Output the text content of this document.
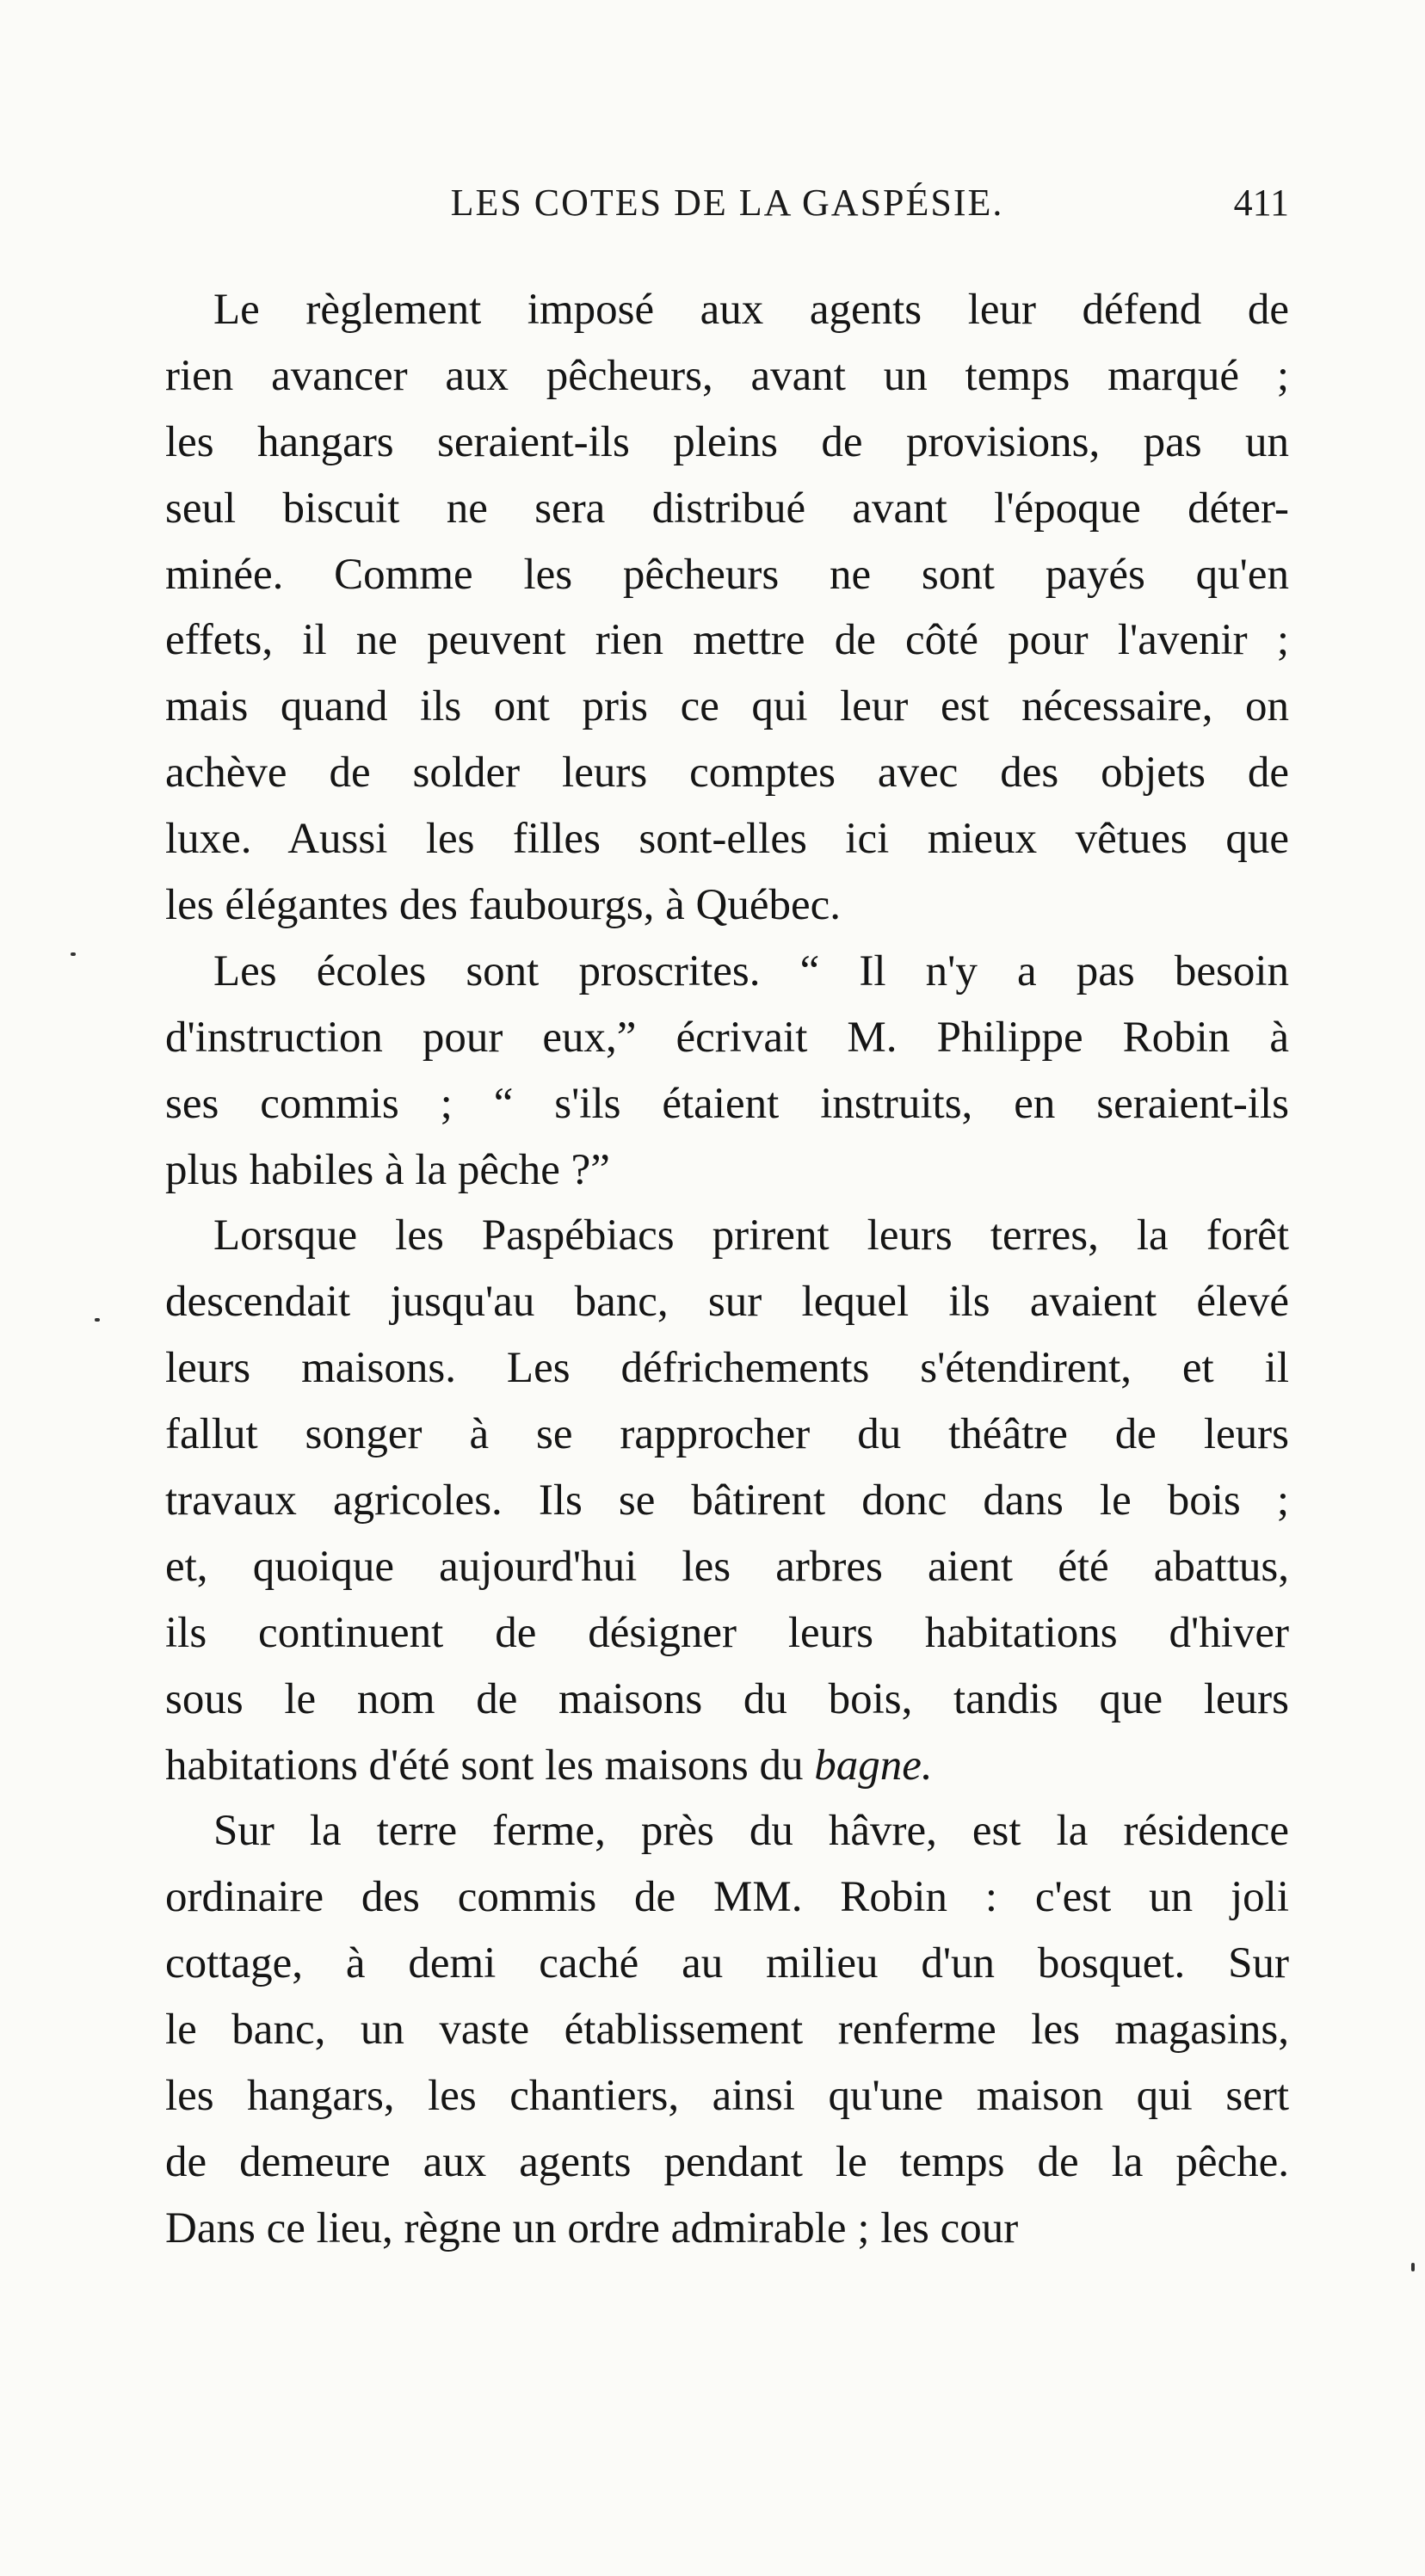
LES COTES DE LA GASPÉSIE.	411
Le règlement imposé aux agents leur défend de
rien avancer aux pêcheurs, avant un temps marqué ;
les hangars seraient-ils pleins de provisions, pas un
seul biscuit ne sera distribué avant l'époque déter-
minée. Comme les pêcheurs ne sont payés qu'en
effets, il ne peuvent rien mettre de côté pour l'avenir ;
mais quand ils ont pris ce qui leur est nécessaire, on
achève de solder leurs comptes avec des objets de
luxe. Aussi les filles sont-elles ici mieux vêtues que
les élégantes des faubourgs, à Québec.
Les écoles sont proscrites. “ Il n'y a pas besoin
d'instruction pour eux,” écrivait M. Philippe Robin à
ses commis ; “ s'ils étaient instruits, en seraient-ils
plus habiles à la pêche ?”
Lorsque les Paspébiacs prirent leurs terres, la forêt
descendait jusqu'au banc, sur lequel ils avaient élevé
leurs maisons. Les défrichements s'étendirent, et il
fallut songer à se rapprocher du théâtre de leurs
travaux agricoles. Ils se bâtirent donc dans le bois ;
et, quoique aujourd'hui les arbres aient été abattus,
ils continuent de désigner leurs habitations d'hiver
sous le nom de maisons du bois, tandis que leurs
habitations d'été sont les maisons du bagne.
Sur la terre ferme, près du hâvre, est la résidence
ordinaire des commis de MM. Robin : c'est un joli
cottage, à demi caché au milieu d'un bosquet. Sur
le banc, un vaste établissement renferme les magasins,
les hangars, les chantiers, ainsi qu'une maison qui sert
de demeure aux agents pendant le temps de la pêche.
Dans ce lieu, règne un ordre admirable ; les cour
